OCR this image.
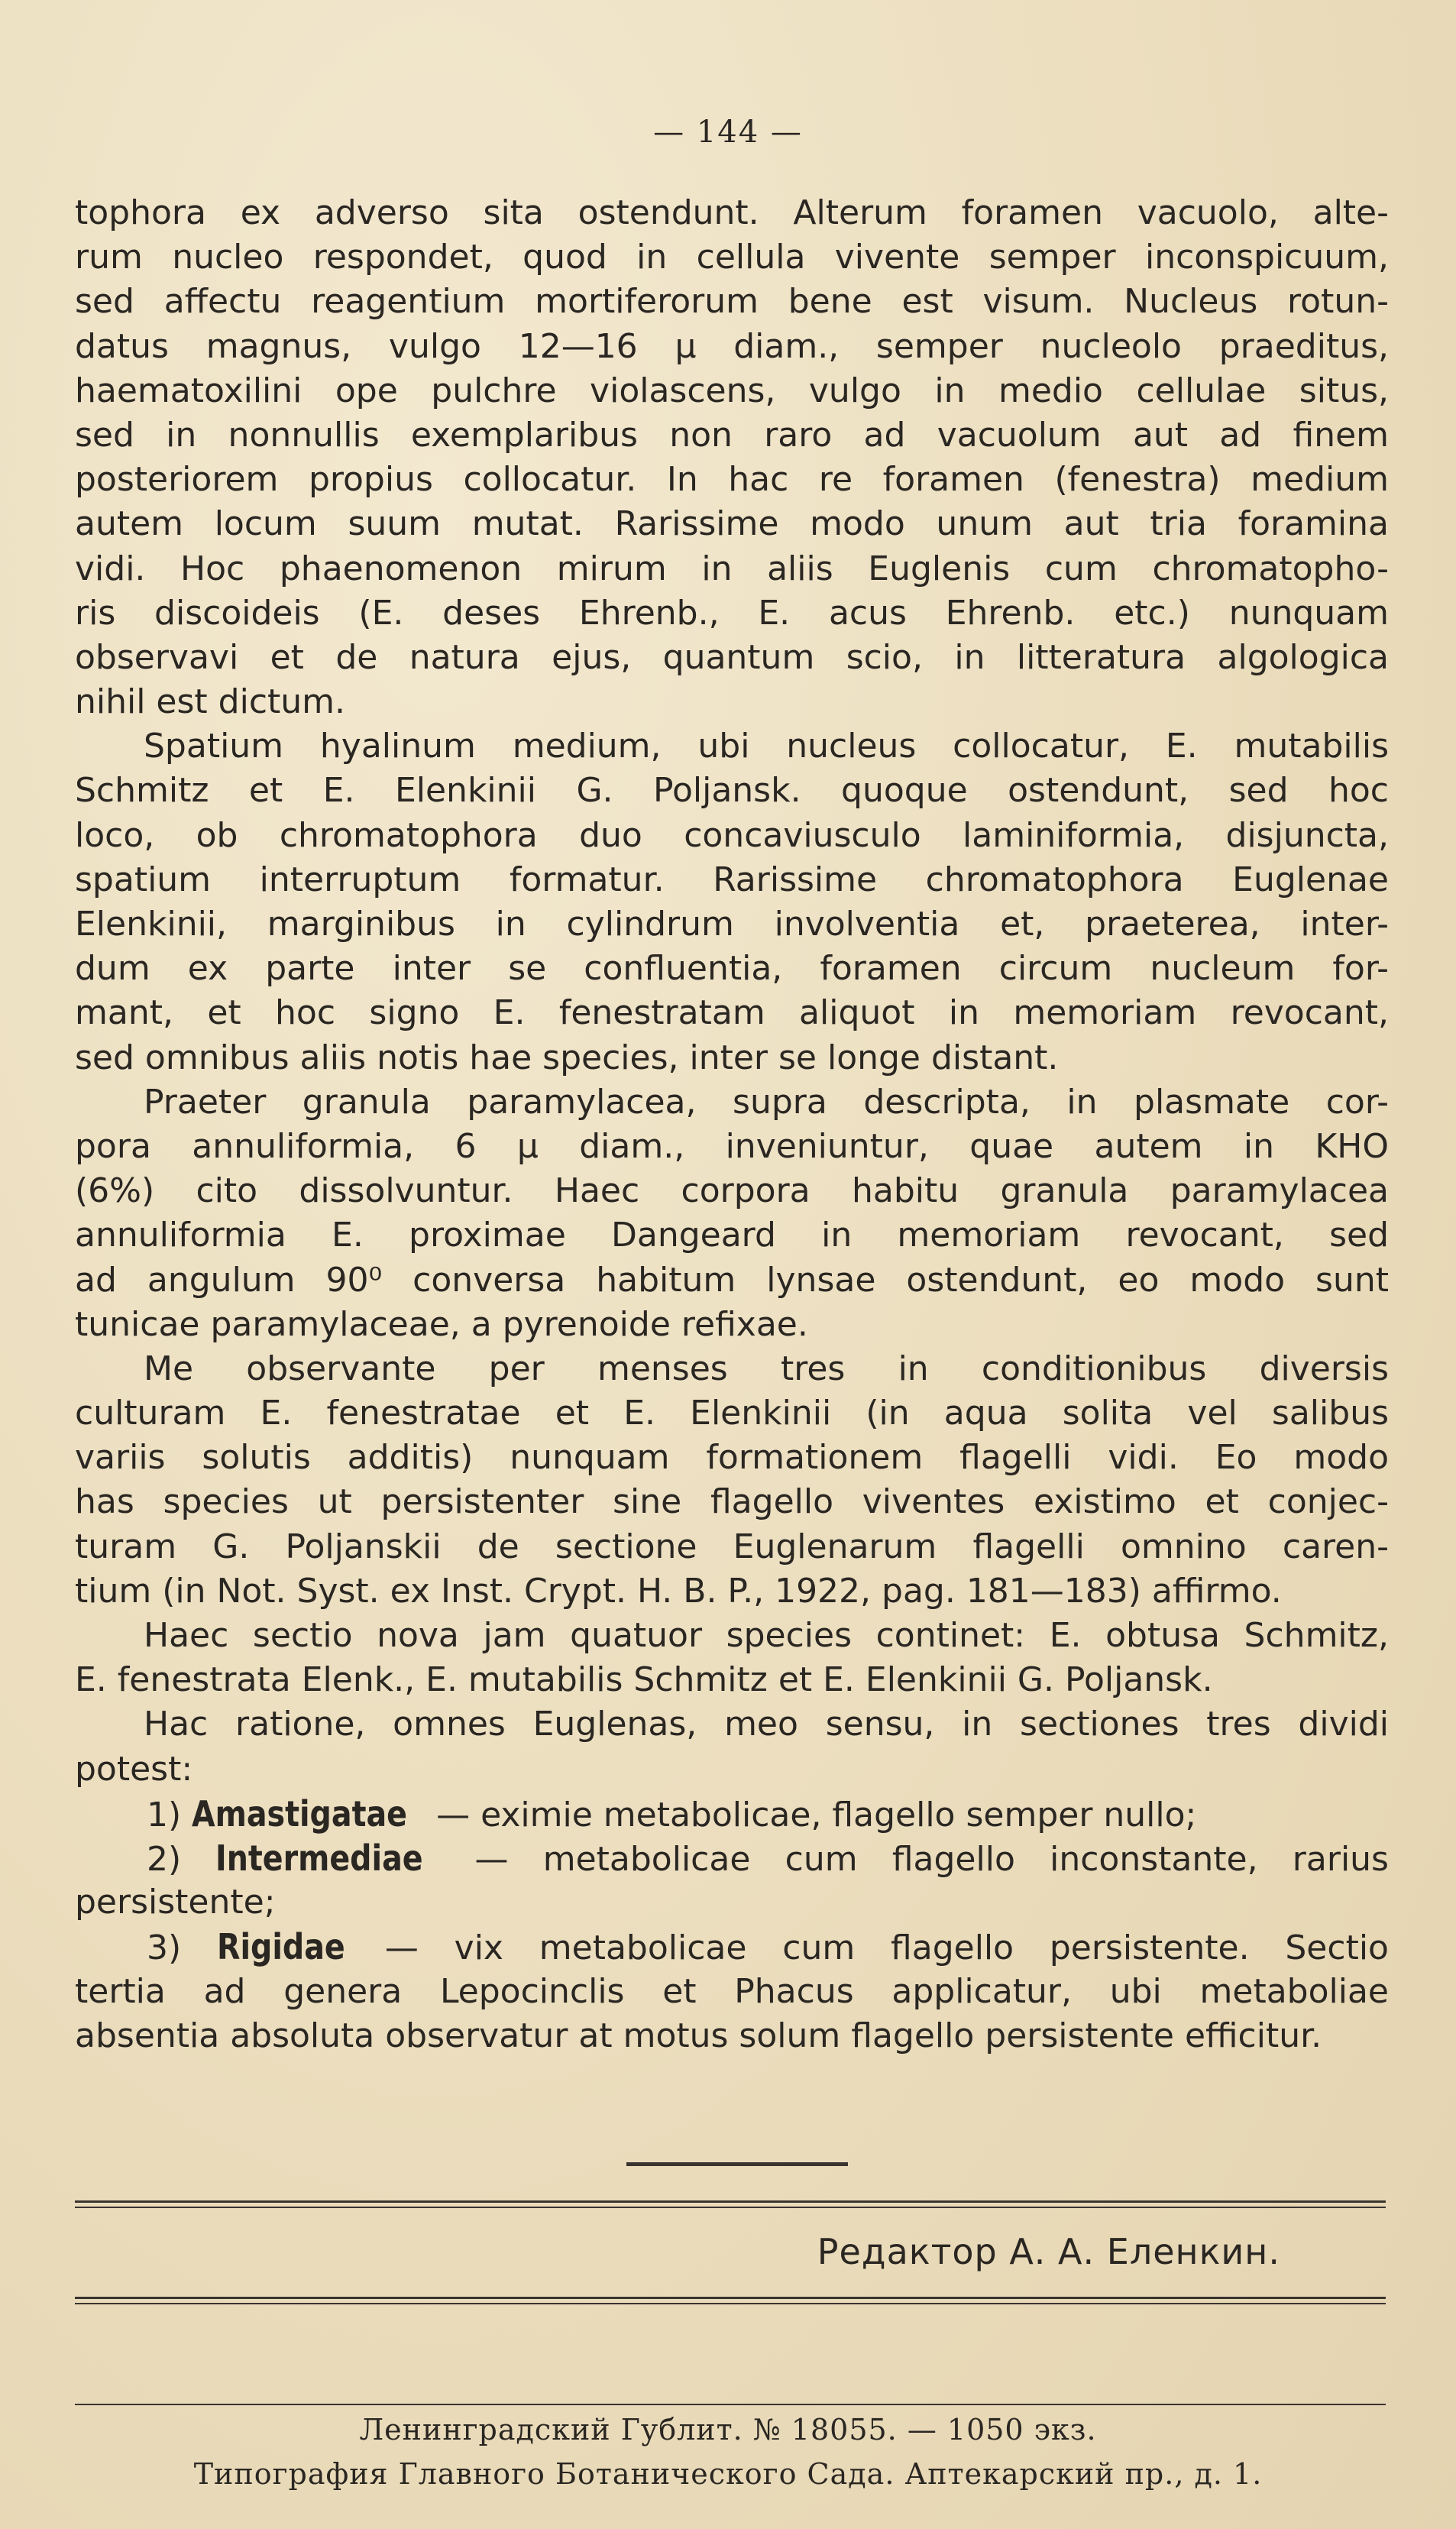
— 144 —
tophora ex adverso sita ostendunt. Alterum foramen vacuolo, alte-
rum nucleo respondet, quod in cellula vivente semper inconspicuum,
sed affectu reagentium mortiferorum bene est visum. Nucleus rotun-
datus magnus, vulgo 12—16 μ diam., semper nucleolo praeditus,
haematoxilini ope pulchre violascens, vulgo in medio cellulae situs,
sed in nonnullis exemplaribus non raro ad vacuolum aut ad finem
posteriorem propius collocatur. In hac re foramen (fenestra) medium
autem locum suum mutat. Rarissime modo unum aut tria foramina
vidi. Hoc phaenomenon mirum in aliis Euglenis cum chromatopho-
ris discoideis (E. deses Ehrenb., E. acus Ehrenb. etc.) nunquam
observavi et de natura ejus, quantum scio, in litteratura algologica
nihil est dictum.
Spatium hyalinum medium, ubi nucleus collocatur, E. mutabilis
Schmitz et E. Elenkinii G. Poljansk. quoque ostendunt, sed hoc
loco, ob chromatophora duo concaviusculo laminiformia, disjuncta,
spatium interruptum formatur. Rarissime chromatophora Euglenae
Elenkinii, marginibus in cylindrum involventia et, praeterea, inter-
dum ex parte inter se confluentia, foramen circum nucleum for-
mant, et hoc signo E. fenestratam aliquot in memoriam revocant,
sed omnibus aliis notis hae species, inter se longe distant.
Praeter granula paramylacea, supra descripta, in plasmate cor-
pora annuliformia, 6 μ diam., inveniuntur, quae autem in KHO
(6%) cito dissolvuntur. Haec corpora habitu granula paramylacea
annuliformia E. proximae Dangeard in memoriam revocant, sed
ad angulum 90⁰ conversa habitum lynsae ostendunt, eo modo sunt
tunicae paramylaceae, a pyrenoide refixae.
Me observante per menses tres in conditionibus diversis
culturam E. fenestratae et E. Elenkinii (in aqua solita vel salibus
variis solutis additis) nunquam formationem flagelli vidi. Eo modo
has species ut persistenter sine flagello viventes existimo et conjec-
turam G. Poljanskii de sectione Euglenarum flagelli omnino caren-
tium (in Not. Syst. ex Inst. Crypt. H. B. P., 1922, pag. 181—183) affirmo.
Haec sectio nova jam quatuor species continet: E. obtusa Schmitz,
E. fenestrata Elenk., E. mutabilis Schmitz et E. Elenkinii G. Poljansk.
Hac ratione, omnes Euglenas, meo sensu, in sectiones tres dividi
potest:
1) Amastigatae — eximie metabolicae, flagello semper nullo;
2) Intermediae — metabolicae cum flagello inconstante, rarius
persistente;
3) Rigidae — vix metabolicae cum flagello persistente. Sectio
tertia ad genera Lepocinclis et Phacus applicatur, ubi metaboliae
absentia absoluta observatur at motus solum flagello persistente efficitur.
Редактор А. А. Еленкин.
Ленинградский Гублит. № 18055. — 1050 экз.
Типография Главного Ботанического Сада. Аптекарский пр., д. 1.
